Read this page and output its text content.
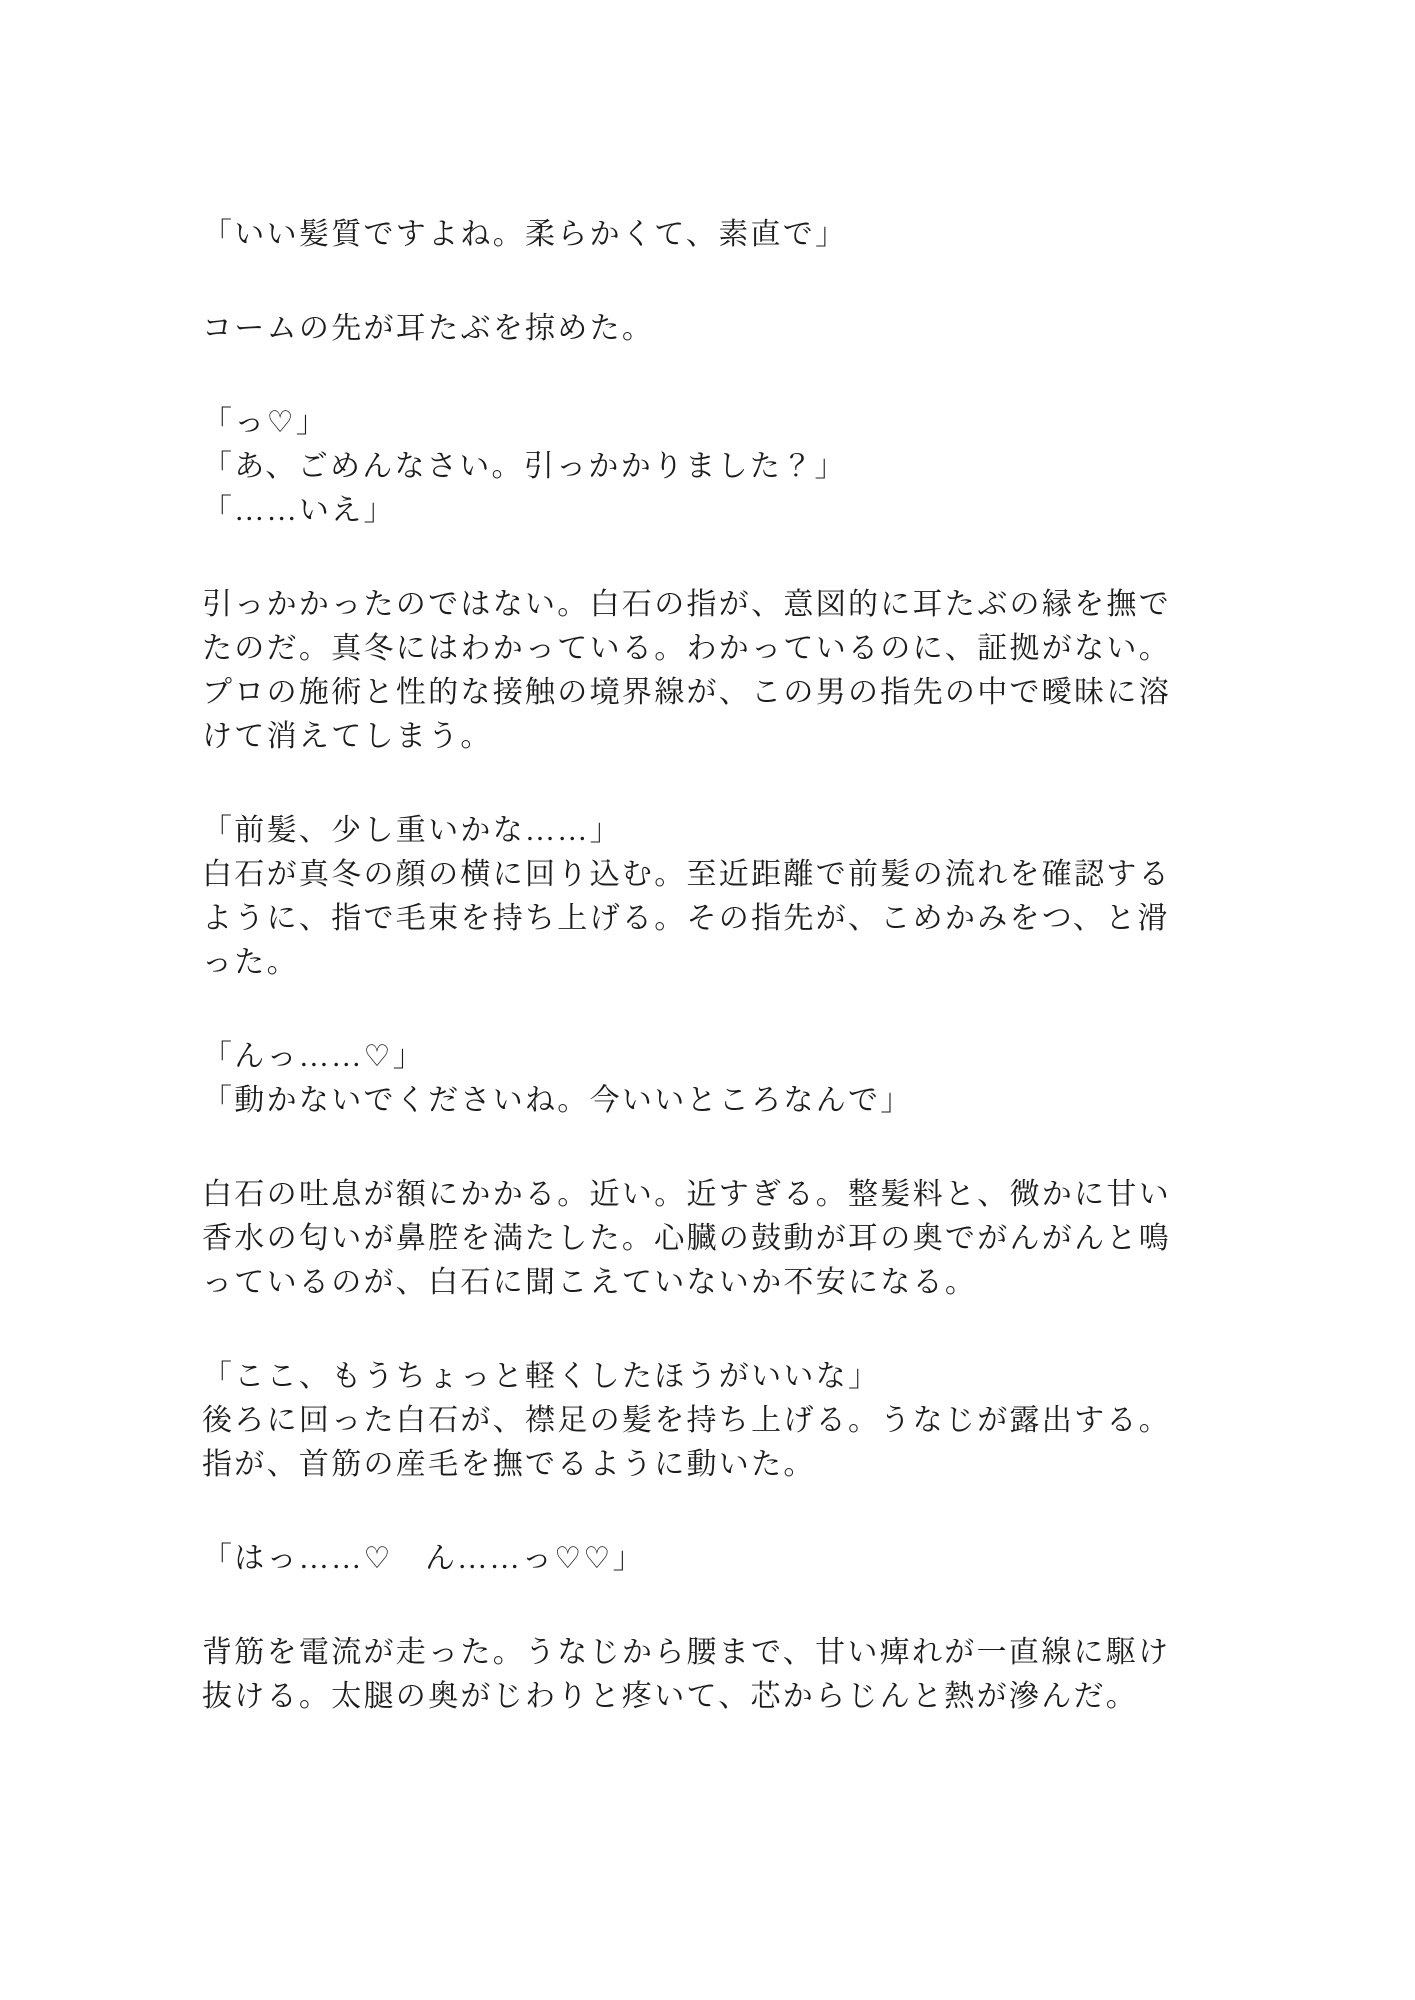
「いい髪質ですよね。柔らかくて、素直で」
コームの先が耳たぶを掠めた。
「っ♡」
「あ、ごめんなさい。引っかかりました？」
「……いえ」
引っかかったのではない。白石の指が、意図的に耳たぶの縁を撫で
たのだ。真冬にはわかっている。わかっているのに、証拠がない。
プロの施術と性的な接触の境界線が、この男の指先の中で曖昧に溶
けて消えてしまう。
「前髪、少し重いかな……」
白石が真冬の顔の横に回り込む。至近距離で前髪の流れを確認する
ように、指で毛束を持ち上げる。その指先が、こめかみをつ、と滑
った。
「んっ……♡」
「動かないでくださいね。今いいところなんで」
白石の吐息が額にかかる。近い。近すぎる。整髪料と、微かに甘い
香水の匂いが鼻腔を満たした。心臓の鼓動が耳の奥でがんがんと鳴
っているのが、白石に聞こえていないか不安になる。
「ここ、もうちょっと軽くしたほうがいいな」
後ろに回った白石が、襟足の髪を持ち上げる。うなじが露出する。
指が、首筋の産毛を撫でるように動いた。
「はっ……♡　ん……っ♡♡」
背筋を電流が走った。うなじから腰まで、甘い痺れが一直線に駆け
抜ける。太腿の奥がじわりと疼いて、芯からじんと熱が滲んだ。
